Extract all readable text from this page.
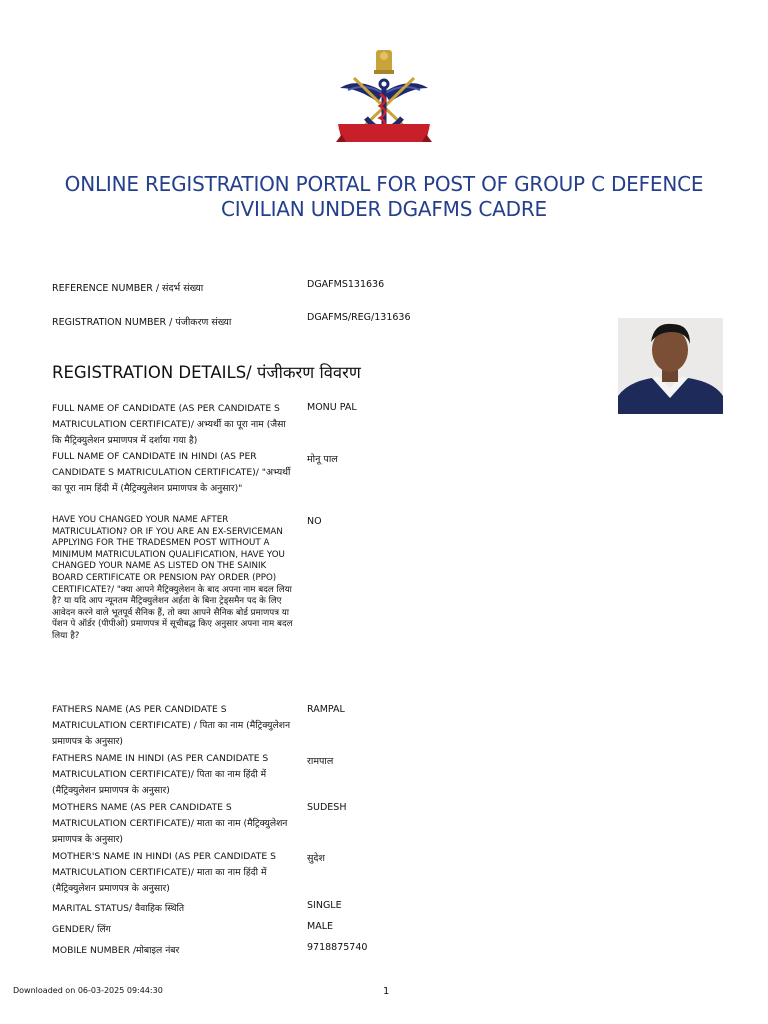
ONLINE REGISTRATION PORTAL FOR POST OF GROUP C DEFENCE CIVILIAN UNDER DGAFMS CADRE
REFERENCE NUMBER / संदर्भ संख्या	DGAFMS131636
REGISTRATION NUMBER / पंजीकरण संख्या	DGAFMS/REG/131636
REGISTRATION DETAILS/ पंजीकरण विवरण
FULL NAME OF CANDIDATE (AS PER CANDIDATE S MATRICULATION CERTIFICATE)/ अभ्यर्थी का पूरा नाम (जैसा कि मैट्रिक्युलेशन प्रमाणपत्र में दर्शाया गया है)
MONU PAL
FULL NAME OF CANDIDATE IN HINDI (AS PER CANDIDATE S MATRICULATION CERTIFICATE)/ "अभ्यर्थी का पूरा नाम हिंदी में (मैट्रिक्युलेशन प्रमाणपत्र के अनुसार)"
मोनू पाल
HAVE YOU CHANGED YOUR NAME AFTER MATRICULATION? OR IF YOU ARE AN EX-SERVICEMAN APPLYING FOR THE TRADESMEN POST WITHOUT A MINIMUM MATRICULATION QUALIFICATION, HAVE YOU CHANGED YOUR NAME AS LISTED ON THE SAINIK BOARD CERTIFICATE OR PENSION PAY ORDER (PPO) CERTIFICATE?/ "क्या आपने मैट्रिक्युलेशन के बाद अपना नाम बदल लिया है? या यदि आप न्यूनतम मैट्रिक्युलेशन अर्हता के बिना ट्रेड्समैन पद के लिए आवेदन करने वाले भूतपूर्व सैनिक हैं, तो क्या आपने सैनिक बोर्ड प्रमाणपत्र या पेंशन पे ऑर्डर (पीपीओ) प्रमाणपत्र में सूचीबद्ध किए अनुसार अपना नाम बदल लिया है?
NO
FATHERS NAME (AS PER CANDIDATE S MATRICULATION CERTIFICATE) / पिता का नाम (मैट्रिक्युलेशन प्रमाणपत्र के अनुसार)
RAMPAL
FATHERS NAME IN HINDI (AS PER CANDIDATE S MATRICULATION CERTIFICATE)/ पिता का नाम हिंदी में (मैट्रिक्युलेशन प्रमाणपत्र के अनुसार)
रामपाल
MOTHERS NAME (AS PER CANDIDATE S MATRICULATION CERTIFICATE)/ माता का नाम (मैट्रिक्युलेशन प्रमाणपत्र के अनुसार)
SUDESH
MOTHER'S NAME IN HINDI (AS PER CANDIDATE S MATRICULATION CERTIFICATE)/ माता का नाम हिंदी में (मैट्रिक्युलेशन प्रमाणपत्र के अनुसार)
सुदेश
MARITAL STATUS/ वैवाहिक स्थिति	SINGLE
GENDER/ लिंग	MALE
MOBILE NUMBER /मोबाइल नंबर	9718875740
Downloaded on 06-03-2025 09:44:30	1
